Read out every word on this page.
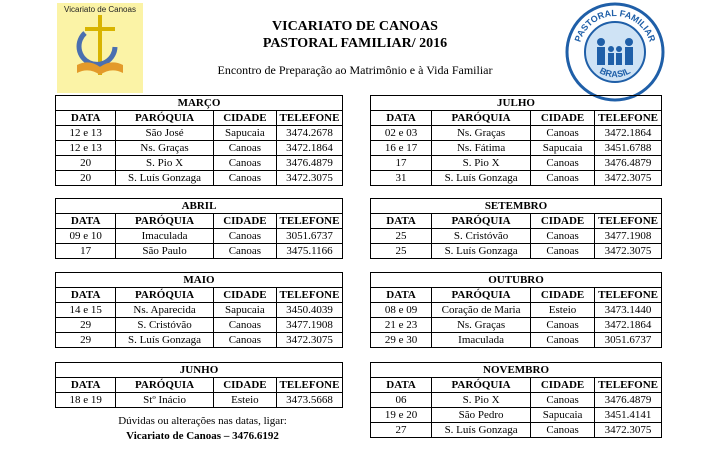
Vicariato de Canoas
PASTORAL FAMILIAR
BRASIL
VICARIATO DE CANOAS
PASTORAL FAMILIAR/ 2016
Encontro de Preparação ao Matrimônio e à Vida Familiar
MARÇO			
DATA	PARÓQUIA	CIDADE	TELEFONE
12 e 13	São José	Sapucaia	3474.2678
12 e 13	Ns. Graças	Canoas	3472.1864
20	S. Pio X	Canoas	3476.4879
20	S. Luís Gonzaga	Canoas	3472.3075
ABRIL			
DATA	PARÓQUIA	CIDADE	TELEFONE
09 e 10	Imaculada	Canoas	3051.6737
17	São Paulo	Canoas	3475.1166
MAIO			
DATA	PARÓQUIA	CIDADE	TELEFONE
14 e 15	Ns. Aparecida	Sapucaia	3450.4039
29	S. Cristóvão	Canoas	3477.1908
29	S. Luís Gonzaga	Canoas	3472.3075
JUNHO			
DATA	PARÓQUIA	CIDADE	TELEFONE
18 e 19	Stº Inácio	Esteio	3473.5668
JULHO			
DATA	PARÓQUIA	CIDADE	TELEFONE
02 e 03	Ns. Graças	Canoas	3472.1864
16 e 17	Ns. Fátima	Sapucaia	3451.6788
17	S. Pio X	Canoas	3476.4879
31	S. Luís Gonzaga	Canoas	3472.3075
SETEMBRO			
DATA	PARÓQUIA	CIDADE	TELEFONE
25	S. Cristóvão	Canoas	3477.1908
25	S. Luís Gonzaga	Canoas	3472.3075
OUTUBRO			
DATA	PARÓQUIA	CIDADE	TELEFONE
08 e 09	Coração de Maria	Esteio	3473.1440
21 e 23	Ns. Graças	Canoas	3472.1864
29 e 30	Imaculada	Canoas	3051.6737
NOVEMBRO			
DATA	PARÓQUIA	CIDADE	TELEFONE
06	S. Pio X	Canoas	3476.4879
19 e 20	São Pedro	Sapucaia	3451.4141
27	S. Luís Gonzaga	Canoas	3472.3075
Dúvidas ou alterações nas datas, ligar:
Vicariato de Canoas – 3476.6192
